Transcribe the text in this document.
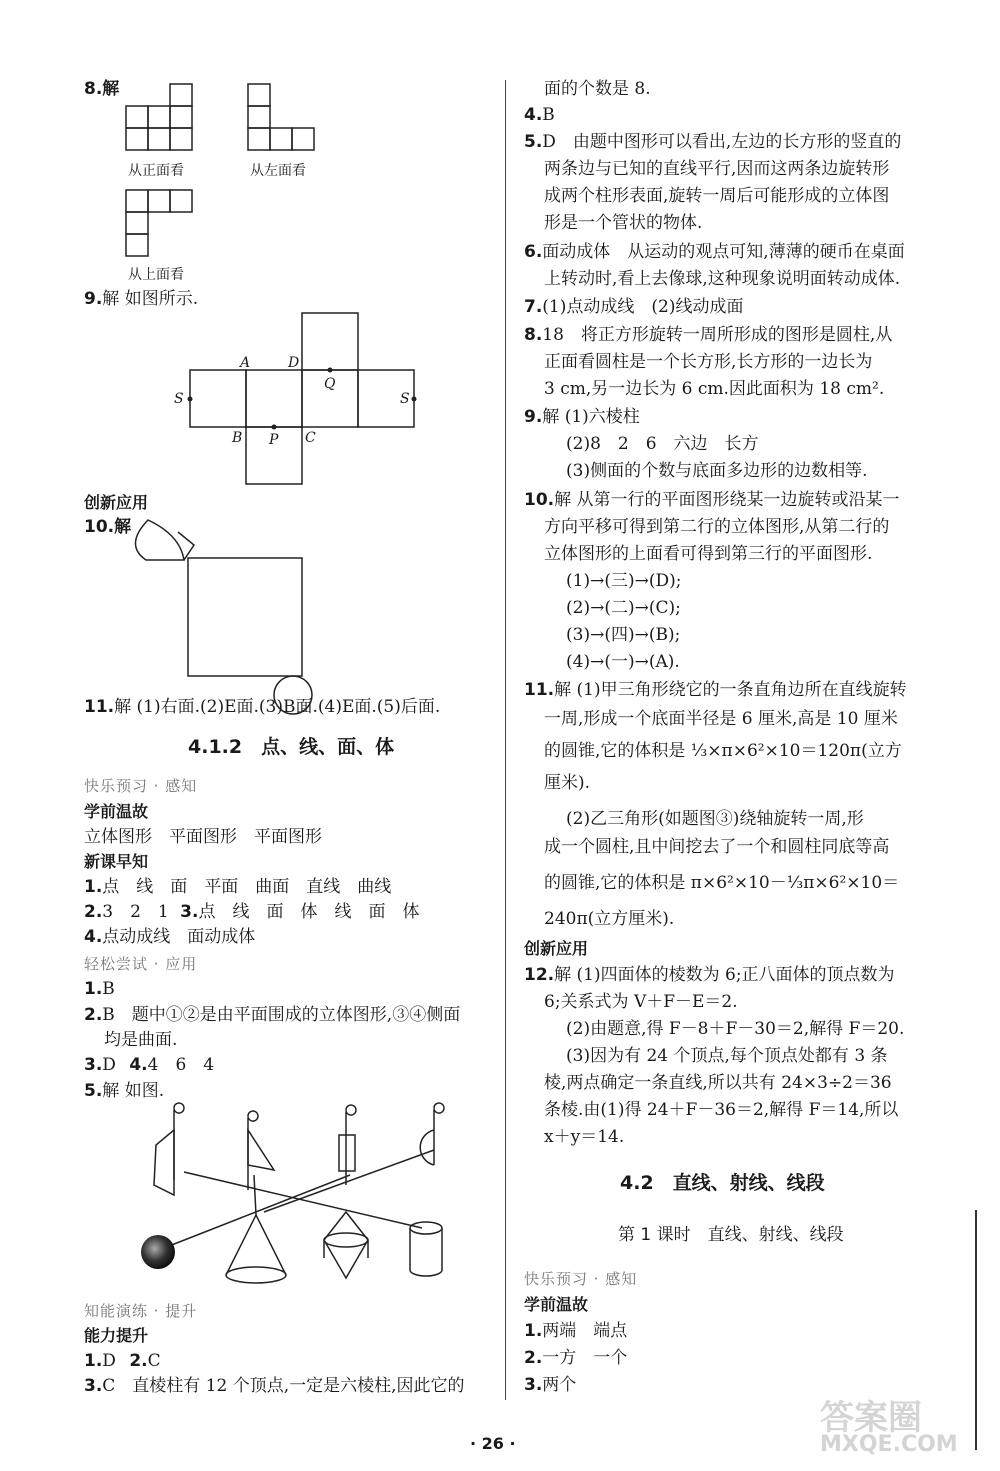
8.解
从正面看	从左面看
从上面看
9.解 如图所示.
A	D
Q
S	S
B P C
创新应用
10.解
11.解 (1)右面.(2)E面.(3)B面.(4)E面.(5)后面.
4.1.2　点、线、面、体
快乐预习 · 感知
学前温故
立体图形　平面图形　平面图形
新课早知
1.点　线　面　平面　曲面　直线　曲线
2.3　2　1 3.点　线　面　体　线　面　体
4.点动成线　面动成体
轻松尝试 · 应用
1.B
2.B　题中①②是由平面围成的立体图形,③④侧面
均是曲面.
3.D 4.4　6　4
5.解 如图.
知能演练 · 提升
能力提升
1.D 2.C
3.C　直棱柱有 12 个顶点,一定是六棱柱,因此它的
面的个数是 8.
4.B
5.D　由题中图形可以看出,左边的长方形的竖直的
两条边与已知的直线平行,因而这两条边旋转形
成两个柱形表面,旋转一周后可能形成的立体图
形是一个管状的物体.
6.面动成体　从运动的观点可知,薄薄的硬币在桌面
上转动时,看上去像球,这种现象说明面转动成体.
7.(1)点动成线　(2)线动成面
8.18　将正方形旋转一周所形成的图形是圆柱,从
正面看圆柱是一个长方形,长方形的一边长为
3 cm,另一边长为 6 cm.因此面积为 18 cm².
9.解 (1)六棱柱
(2)8　2　6　六边　长方
(3)侧面的个数与底面多边形的边数相等.
10.解 从第一行的平面图形绕某一边旋转或沿某一
方向平移可得到第二行的立体图形,从第二行的
立体图形的上面看可得到第三行的平面图形.
(1)→(三)→(D);
(2)→(二)→(C);
(3)→(四)→(B);
(4)→(一)→(A).
11.解 (1)甲三角形绕它的一条直角边所在直线旋转
一周,形成一个底面半径是 6 厘米,高是 10 厘米
的圆锥,它的体积是 ⅓×π×6²×10＝120π(立方
厘米).
(2)乙三角形(如题图③)绕轴旋转一周,形
成一个圆柱,且中间挖去了一个和圆柱同底等高
的圆锥,它的体积是 π×6²×10－⅓π×6²×10＝
240π(立方厘米).
创新应用
12.解 (1)四面体的棱数为 6;正八面体的顶点数为
6;关系式为 V＋F－E＝2.
(2)由题意,得 F－8＋F－30＝2,解得 F＝20.
(3)因为有 24 个顶点,每个顶点处都有 3 条
棱,两点确定一条直线,所以共有 24×3÷2＝36
条棱.由(1)得 24＋F－36＝2,解得 F＝14,所以
x＋y＝14.
4.2　直线、射线、线段
第 1 课时　直线、射线、线段
快乐预习 · 感知
学前温故
1.两端　端点
2.一方　一个
3.两个
答案圈
MXQE.COM
· 26 ·
